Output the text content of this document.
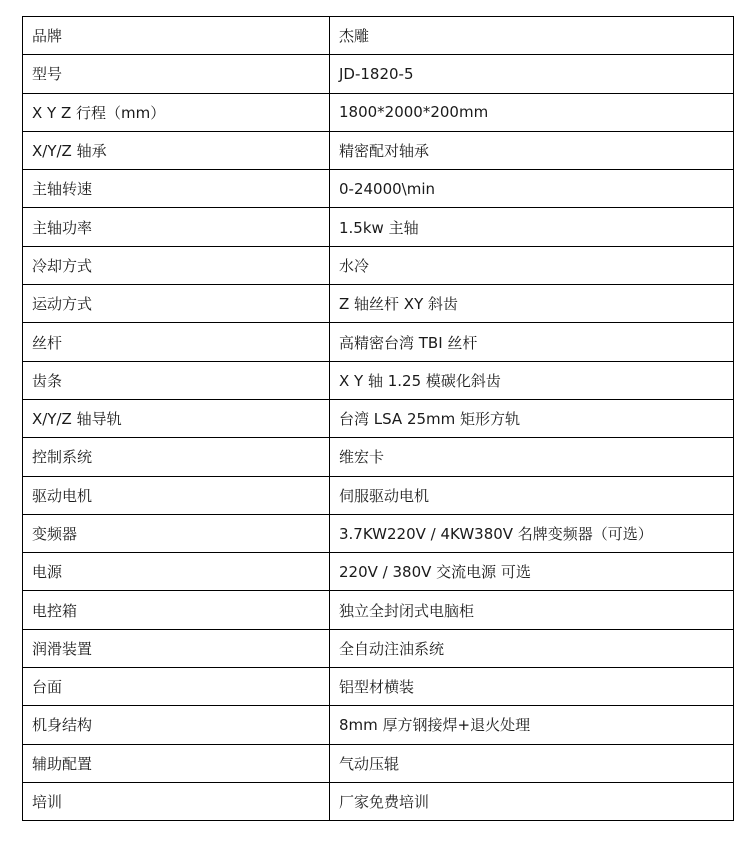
品牌	杰雕
型号	JD-1820-5
X Y Z 行程（mm）	1800*2000*200mm
X/Y/Z 轴承	精密配对轴承
主轴转速	0-24000\min
主轴功率	1.5kw 主轴
冷却方式	水冷
运动方式	Z 轴丝杆 XY 斜齿
丝杆	高精密台湾 TBI 丝杆
齿条	X Y 轴 1.25 模碳化斜齿
X/Y/Z 轴导轨	台湾 LSA 25mm 矩形方轨
控制系统	维宏卡
驱动电机	伺服驱动电机
变频器	3.7KW220V / 4KW380V 名牌变频器（可选）
电源	220V / 380V 交流电源 可选
电控箱	独立全封闭式电脑柜
润滑装置	全自动注油系统
台面	铝型材横装
机身结构	8mm 厚方钢接焊+退火处理
辅助配置	气动压辊
培训	厂家免费培训
